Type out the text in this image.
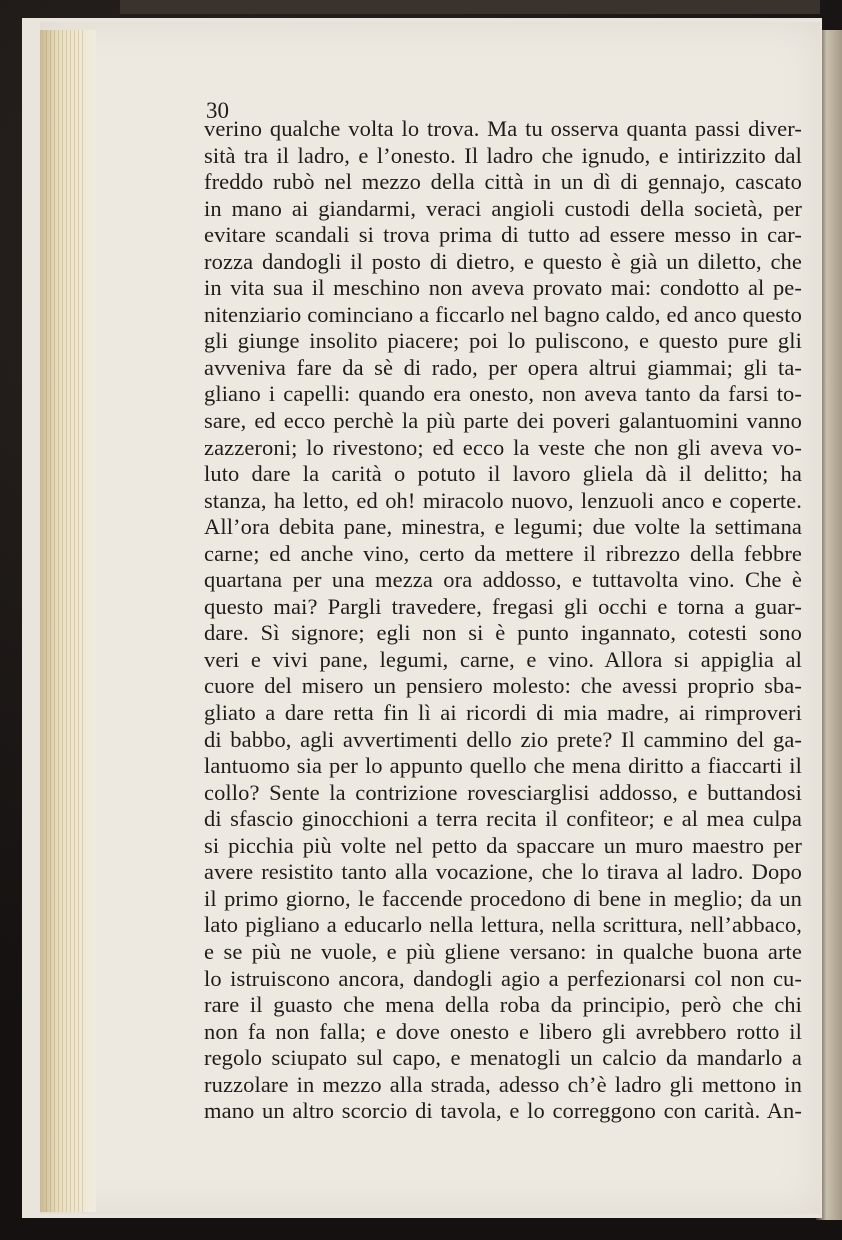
30
verino qualche volta lo trova. Ma tu osserva quanta passi diver-
sità tra il ladro, e l’onesto. Il ladro che ignudo, e intirizzito dal
freddo rubò nel mezzo della città in un dì di gennajo, cascato
in mano ai giandarmi, veraci angioli custodi della società, per
evitare scandali si trova prima di tutto ad essere messo in car-
rozza dandogli il posto di dietro, e questo è già un diletto, che
in vita sua il meschino non aveva provato mai: condotto al pe-
nitenziario cominciano a ficcarlo nel bagno caldo, ed anco questo
gli giunge insolito piacere; poi lo puliscono, e questo pure gli
avveniva fare da sè di rado, per opera altrui giammai; gli ta-
gliano i capelli: quando era onesto, non aveva tanto da farsi to-
sare, ed ecco perchè la più parte dei poveri galantuomini vanno
zazzeroni; lo rivestono; ed ecco la veste che non gli aveva vo-
luto dare la carità o potuto il lavoro gliela dà il delitto; ha
stanza, ha letto, ed oh! miracolo nuovo, lenzuoli anco e coperte.
All’ora debita pane, minestra, e legumi; due volte la settimana
carne; ed anche vino, certo da mettere il ribrezzo della febbre
quartana per una mezza ora addosso, e tuttavolta vino. Che è
questo mai? Pargli travedere, fregasi gli occhi e torna a guar-
dare. Sì signore; egli non si è punto ingannato, cotesti sono
veri e vivi pane, legumi, carne, e vino. Allora si appiglia al
cuore del misero un pensiero molesto: che avessi proprio sba-
gliato a dare retta fin lì ai ricordi di mia madre, ai rimproveri
di babbo, agli avvertimenti dello zio prete? Il cammino del ga-
lantuomo sia per lo appunto quello che mena diritto a fiaccarti il
collo? Sente la contrizione rovesciarglisi addosso, e buttandosi
di sfascio ginocchioni a terra recita il confiteor; e al mea culpa
si picchia più volte nel petto da spaccare un muro maestro per
avere resistito tanto alla vocazione, che lo tirava al ladro. Dopo
il primo giorno, le faccende procedono di bene in meglio; da un
lato pigliano a educarlo nella lettura, nella scrittura, nell’abbaco,
e se più ne vuole, e più gliene versano: in qualche buona arte
lo istruiscono ancora, dandogli agio a perfezionarsi col non cu-
rare il guasto che mena della roba da principio, però che chi
non fa non falla; e dove onesto e libero gli avrebbero rotto il
regolo sciupato sul capo, e menatogli un calcio da mandarlo a
ruzzolare in mezzo alla strada, adesso ch’è ladro gli mettono in
mano un altro scorcio di tavola, e lo correggono con carità. An-
